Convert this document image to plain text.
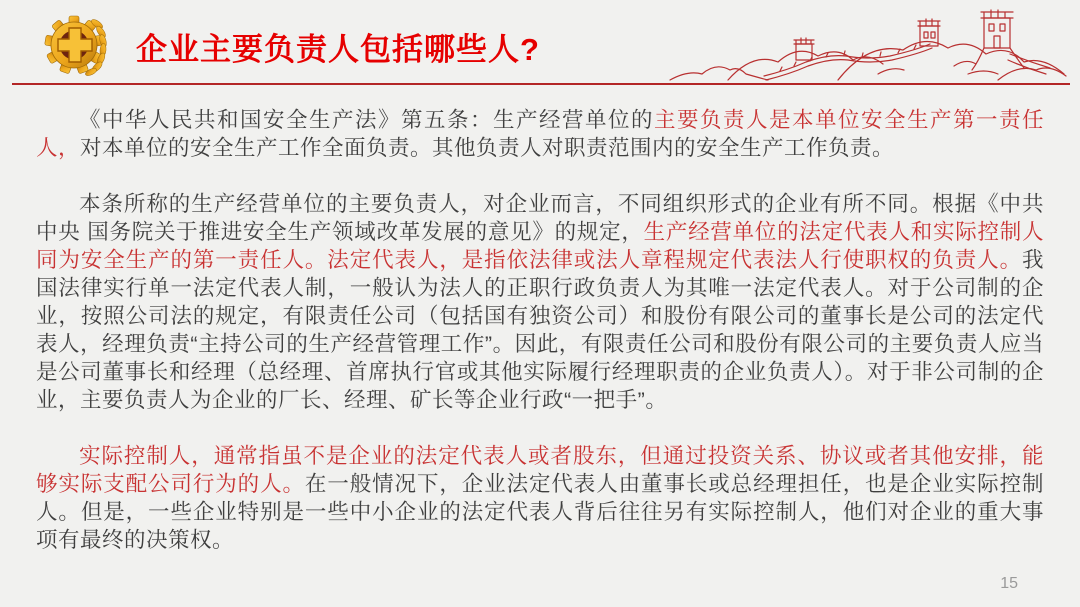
企业主要负责人包括哪些人?

《中华人民共和国安全生产法》第五条：生产经营单位的主要负责人是本单位安全生产第一责任人，对本单位的安全生产工作全面负责。其他负责人对职责范围内的安全生产工作负责。

本条所称的生产经营单位的主要负责人，对企业而言，不同组织形式的企业有所不同。根据《中共中央 国务院关于推进安全生产领域改革发展的意见》的规定，生产经营单位的法定代表人和实际控制人同为安全生产的第一责任人。法定代表人，是指依法律或法人章程规定代表法人行使职权的负责人。我国法律实行单一法定代表人制，一般认为法人的正职行政负责人为其唯一法定代表人。对于公司制的企业，按照公司法的规定，有限责任公司（包括国有独资公司）和股份有限公司的董事长是公司的法定代表人，经理负责“主持公司的生产经营管理工作”。因此，有限责任公司和股份有限公司的主要负责人应当是公司董事长和经理（总经理、首席执行官或其他实际履行经理职责的企业负责人）。对于非公司制的企业，主要负责人为企业的厂长、经理、矿长等企业行政“一把手”。

实际控制人，通常指虽不是企业的法定代表人或者股东，但通过投资关系、协议或者其他安排，能够实际支配公司行为的人。在一般情况下，企业法定代表人由董事长或总经理担任，也是企业实际控制人。但是，一些企业特别是一些中小企业的法定代表人背后往往另有实际控制人，他们对企业的重大事项有最终的决策权。

15
